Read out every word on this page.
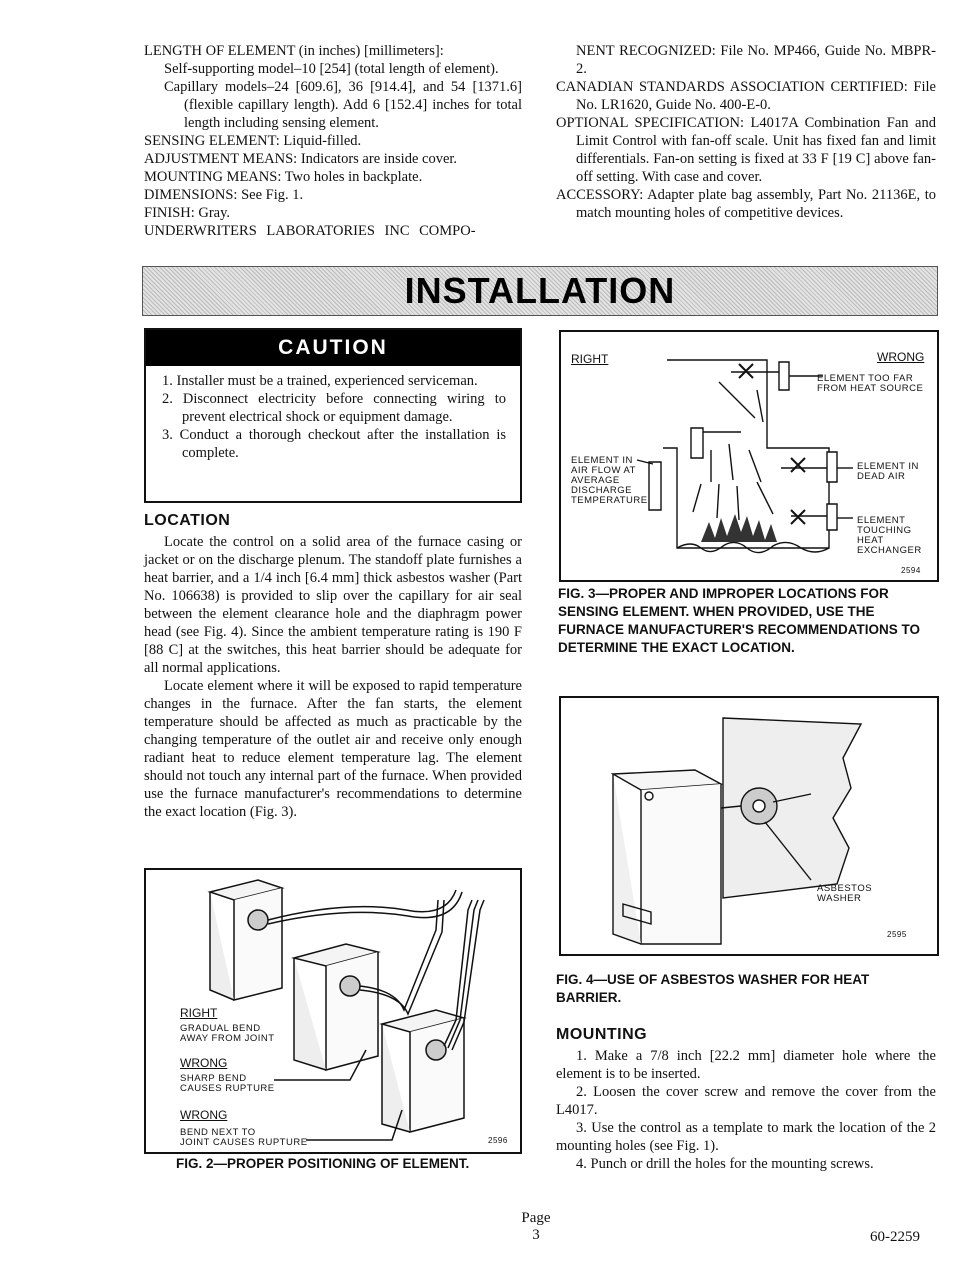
LENGTH OF ELEMENT (in inches) [millimeters]:

Self-supporting model–10 [254] (total length of element).

Capillary models–24 [609.6], 36 [914.4], and 54 [1371.6] (flexible capillary length). Add 6 [152.4] inches for total length including sensing element.

SENSING ELEMENT: Liquid-filled.

ADJUSTMENT MEANS: Indicators are inside cover.

MOUNTING MEANS: Two holes in backplate.

DIMENSIONS: See Fig. 1.

FINISH: Gray.

UNDERWRITERS LABORATORIES INC COMPO-

NENT RECOGNIZED: File No. MP466, Guide No. MBPR-2.

CANADIAN STANDARDS ASSOCIATION CERTIFIED: File No. LR1620, Guide No. 400-E-0.

OPTIONAL SPECIFICATION: L4017A Combination Fan and Limit Control with fan-off scale. Unit has fixed fan and limit differentials. Fan-on setting is fixed at 33 F [19 C] above fan-off setting. With case and cover.

ACCESSORY: Adapter plate bag assembly, Part No. 21136E, to match mounting holes of competitive devices.

INSTALLATION
CAUTION

1. Installer must be a trained, experienced serviceman.

2. Disconnect electricity before connecting wiring to prevent electrical shock or equipment damage.

3. Conduct a thorough checkout after the installation is complete.

LOCATION

Locate the control on a solid area of the furnace casing or jacket or on the discharge plenum. The standoff plate furnishes a heat barrier, and a 1/4 inch [6.4 mm] thick asbestos washer (Part No. 106638) is provided to slip over the capillary for air seal between the element clearance hole and the diaphragm power head (see Fig. 4). Since the ambient temperature rating is 190 F [88 C] at the switches, this heat barrier should be adequate for all normal applications.

Locate element where it will be exposed to rapid temperature changes in the furnace. After the fan starts, the element temperature should be affected as much as practicable by the changing temperature of the outlet air and receive only enough radiant heat to reduce element temperature lag. The element should not touch any internal part of the furnace. When provided use the furnace manufacturer's recommendations to determine the exact location (Fig. 3).

RIGHT
GRADUAL BEND
AWAY FROM JOINT
WRONG
SHARP BEND
CAUSES RUPTURE
WRONG
BEND NEXT TO
JOINT CAUSES RUPTURE	2596
FIG. 2—PROPER POSITIONING OF ELEMENT.
RIGHT	WRONG
ELEMENT IN
AIR FLOW AT
AVERAGE
DISCHARGE
TEMPERATURE
ELEMENT TOO FAR
FROM HEAT SOURCE
ELEMENT IN
DEAD AIR
ELEMENT
TOUCHING
HEAT
EXCHANGER
2594
FIG. 3—PROPER AND IMPROPER LOCATIONS FOR SENSING ELEMENT. WHEN PROVIDED, USE THE FURNACE MANUFACTURER'S RECOMMENDATIONS TO DETERMINE THE EXACT LOCATION.
ASBESTOS
WASHER
2595
FIG. 4—USE OF ASBESTOS WASHER FOR HEAT BARRIER.
MOUNTING

1. Make a 7/8 inch [22.2 mm] diameter hole where the element is to be inserted.

2. Loosen the cover screw and remove the cover from the L4017.

3. Use the control as a template to mark the location of the 2 mounting holes (see Fig. 1).

4. Punch or drill the holes for the mounting screws.

Page
3	60-2259
